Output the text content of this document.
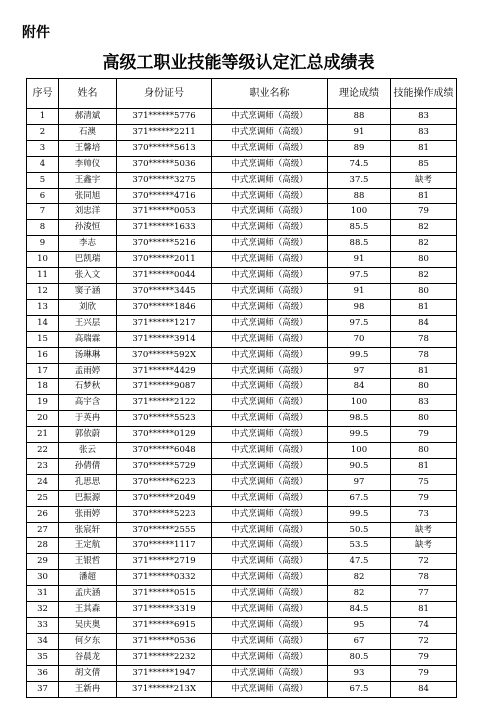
附件
高级工职业技能等级认定汇总成绩表
序号	姓名	身份证号	职业名称	理论成绩	技能操作成绩
1	郝清斌	371******5776	中式烹调师（高级）	88	83
2	石澳	371******2211	中式烹调师（高级）	91	83
3	王馨培	370******5613	中式烹调师（高级）	89	81
4	李帅仪	370******5036	中式烹调师（高级）	74.5	85
5	王鑫宇	370******3275	中式烹调师（高级）	37.5	缺考
6	张同旭	370******4716	中式烹调师（高级）	88	81
7	刘忠洋	371******0053	中式烹调师（高级）	100	79
8	孙浚恒	371******1633	中式烹调师（高级）	85.5	82
9	李志	370******5216	中式烹调师（高级）	88.5	82
10	巴凯瑞	370******2011	中式烹调师（高级）	91	80
11	张入文	371******0044	中式烹调师（高级）	97.5	82
12	窦子涵	370******3445	中式烹调师（高级）	91	80
13	刘欣	370******1846	中式烹调师（高级）	98	81
14	王兴层	371******1217	中式烹调师（高级）	97.5	84
15	高瑞霖	371******3914	中式烹调师（高级）	70	78
16	汤琳琳	370******592X	中式烹调师（高级）	99.5	78
17	孟雨婷	371******4429	中式烹调师（高级）	97	81
18	石梦秋	371******9087	中式烹调师（高级）	84	80
19	高宇含	371******2122	中式烹调师（高级）	100	83
20	于英冉	370******5523	中式烹调师（高级）	98.5	80
21	郭依蔚	370******0129	中式烹调师（高级）	99.5	79
22	张云	370******6048	中式烹调师（高级）	100	80
23	孙倩倩	370******5729	中式烹调师（高级）	90.5	81
24	孔思思	370******6223	中式烹调师（高级）	97	75
25	巴振源	370******2049	中式烹调师（高级）	67.5	79
26	张雨婷	370******5223	中式烹调师（高级）	99.5	73
27	张宸轩	370******2555	中式烹调师（高级）	50.5	缺考
28	王定航	370******1117	中式烹调师（高级）	53.5	缺考
29	王银哲	371******2719	中式烹调师（高级）	47.5	72
30	潘超	371******0332	中式烹调师（高级）	82	78
31	孟庆涵	371******0515	中式烹调师（高级）	82	77
32	王其森	371******3319	中式烹调师（高级）	84.5	81
33	吴庆奥	371******6915	中式烹调师（高级）	95	74
34	何夕东	371******0536	中式烹调师（高级）	67	72
35	谷晨龙	371******2232	中式烹调师（高级）	80.5	79
36	胡文倩	371******1947	中式烹调师（高级）	93	79
37	王新冉	371******213X	中式烹调师（高级）	67.5	84
